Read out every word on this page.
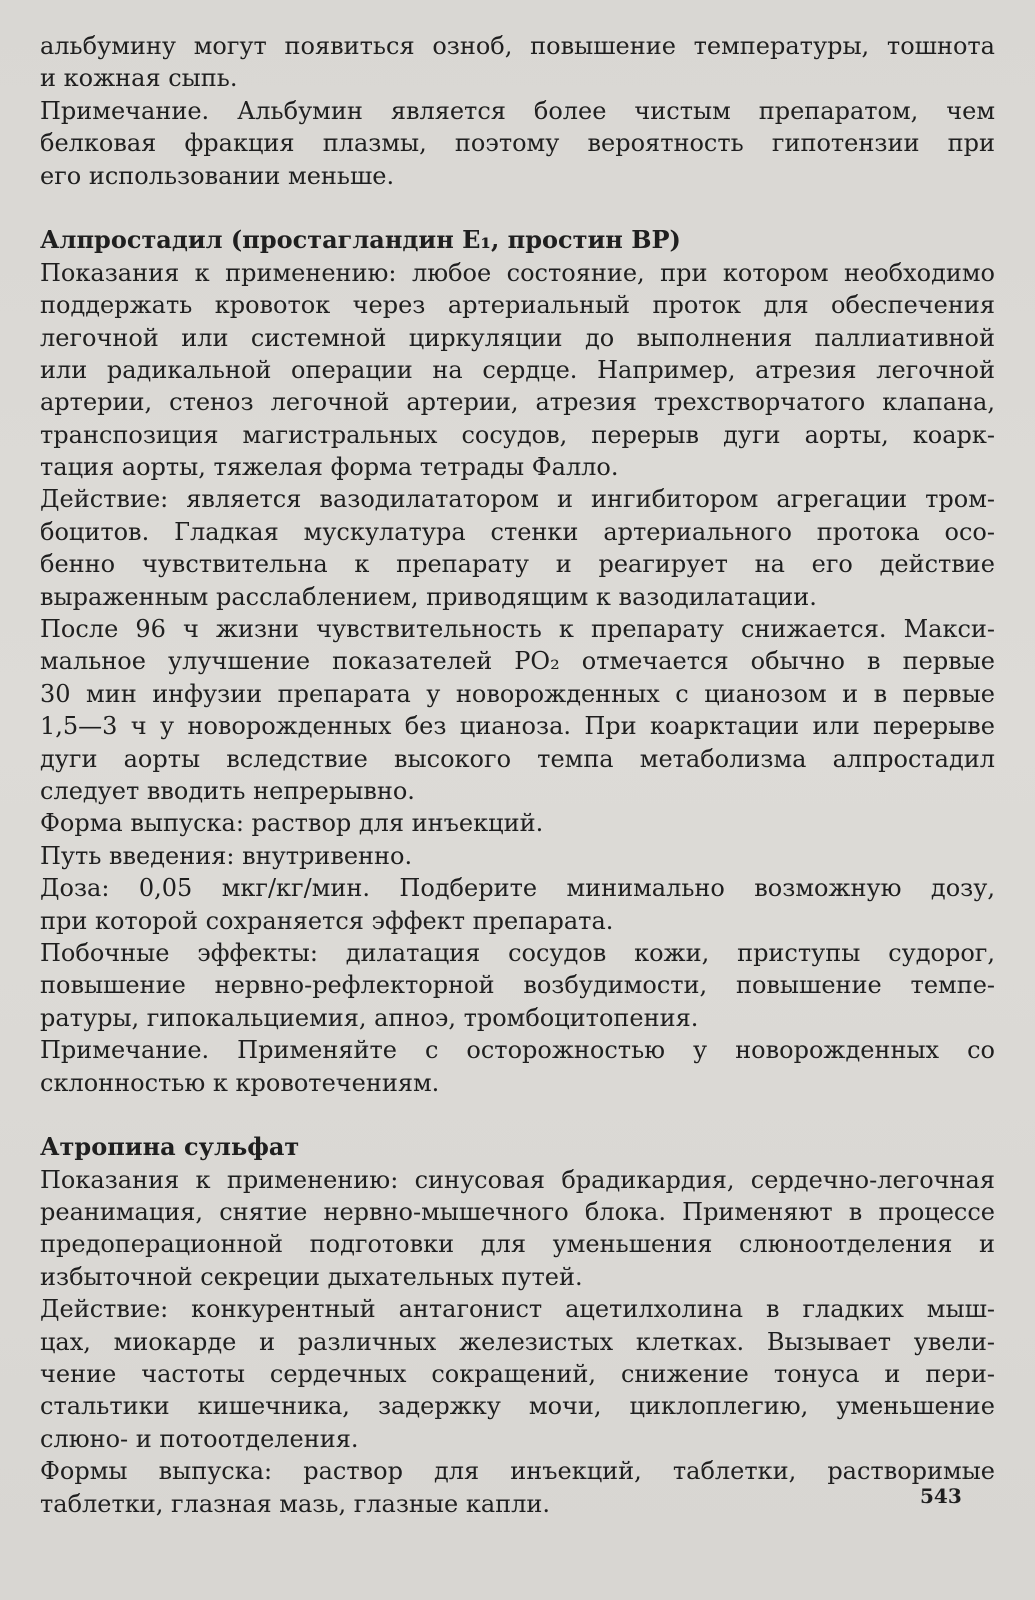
альбумину могут появиться озноб, повышение температуры, тошнота
и кожная сыпь.
Примечание. Альбумин является более чистым препаратом, чем
белковая фракция плазмы, поэтому вероятность гипотензии при
его использовании меньше.
Алпростадил (простагландин E₁, простин ВР)
Показания к применению: любое состояние, при котором необходимо
поддержать кровоток через артериальный проток для обеспечения
легочной или системной циркуляции до выполнения паллиативной
или радикальной операции на сердце. Например, атрезия легочной
артерии, стеноз легочной артерии, атрезия трехстворчатого клапана,
транспозиция магистральных сосудов, перерыв дуги аорты, коарк-
тация аорты, тяжелая форма тетрады Фалло.
Действие: является вазодилататором и ингибитором агрегации тром-
боцитов. Гладкая мускулатура стенки артериального протока осо-
бенно чувствительна к препарату и реагирует на его действие
выраженным расслаблением, приводящим к вазодилатации.
После 96 ч жизни чувствительность к препарату снижается. Макси-
мальное улучшение показателей PO₂ отмечается обычно в первые
30 мин инфузии препарата у новорожденных с цианозом и в первые
1,5—3 ч у новорожденных без цианоза. При коарктации или перерыве
дуги аорты вследствие высокого темпа метаболизма алпростадил
следует вводить непрерывно.
Форма выпуска: раствор для инъекций.
Путь введения: внутривенно.
Доза: 0,05 мкг/кг/мин. Подберите минимально возможную дозу,
при которой сохраняется эффект препарата.
Побочные эффекты: дилатация сосудов кожи, приступы судорог,
повышение нервно-рефлекторной возбудимости, повышение темпе-
ратуры, гипокальциемия, апноэ, тромбоцитопения.
Примечание. Применяйте с осторожностью у новорожденных со
склонностью к кровотечениям.
Атропина сульфат
Показания к применению: синусовая брадикардия, сердечно-легочная
реанимация, снятие нервно-мышечного блока. Применяют в процессе
предоперационной подготовки для уменьшения слюноотделения и
избыточной секреции дыхательных путей.
Действие: конкурентный антагонист ацетилхолина в гладких мыш-
цах, миокарде и различных железистых клетках. Вызывает увели-
чение частоты сердечных сокращений, снижение тонуса и пери-
стальтики кишечника, задержку мочи, циклоплегию, уменьшение
слюно- и потоотделения.
Формы выпуска: раствор для инъекций, таблетки, растворимые
таблетки, глазная мазь, глазные капли.	543
